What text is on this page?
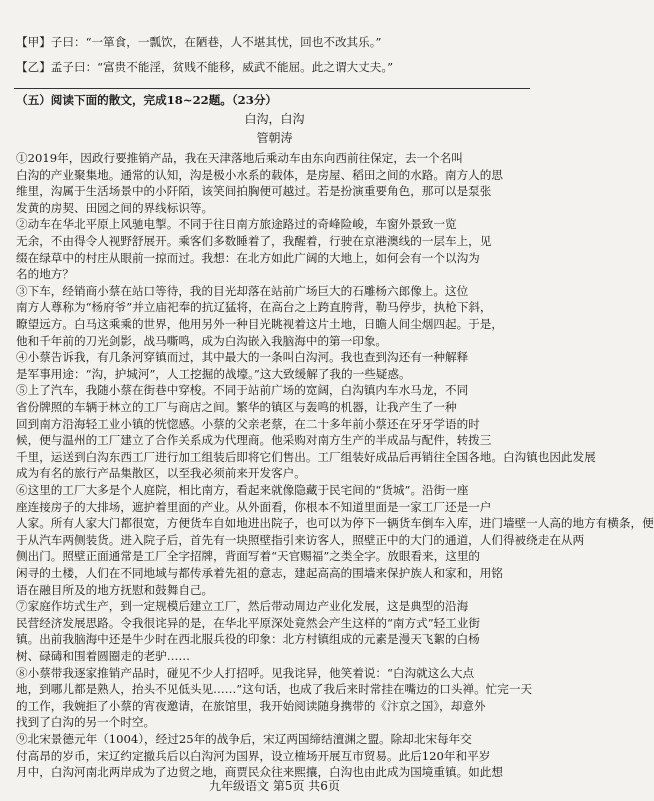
【甲】子曰：“一箪食，一瓢饮，在陋巷，人不堪其忧，回也不改其乐。”
【乙】孟子曰：“富贵不能淫，贫贱不能移，威武不能屈。此之谓大丈夫。”
（五）阅读下面的散文，完成18~22题。（23分）
白沟，白沟
管朝涛
①2019年，因政行要推销产品，我在天津落地后乘动车由东向西前往保定，去一个名叫
白沟的产业聚集地。通常的认知，沟是极小水系的载体，是房屋、稻田之间的水路。南方人的思
维里，沟属于生活场景中的小阡陌，该笑间拍胸便可越过。若是扮演重要角色，那可以是泵张
发黄的房契、田园之间的界线标识等。
②动车在华北平原上风驰电掣。不同于往日南方旅途路过的奇峰险峻，车窗外景致一览
无余，不由得令人视野舒展开。乘客们多数睡着了，我醒着，行驶在京港澳线的一层车上，见
缀在绿草中的村庄从眼前一掠而过。我想：在北方如此广阔的大地上，如何会有一个以沟为
名的地方？
③下车，经销商小蔡在站口等待，我的目光却落在站前广场巨大的石雕杨六郎像上。这位
南方人尊称为“杨府爷”并立庙祀奉的抗辽猛将，在高台之上跨直胯背，勒马停步，执枪下斜，
瞭望远方。白马这乘乘的世界，他用另外一种目光眺视着这片土地，日瞻人间尘烟四起。于是，
他和千年前的刀光剑影，战马嘶鸣，成为白沟嵌入我脑海中的第一印象。
④小蔡告诉我，有几条河穿镇而过，其中最大的一条叫白沟河。我也查到沟还有一种解释
是军事用途：“沟，护城河”，人工挖掘的战壕。”这大致缓解了我的一些疑惑。
⑤上了汽车，我随小蔡在街巷中穿梭。不同于站前广场的宽阔，白沟镇内车水马龙，不同
省份牌照的车辆于林立的工厂与商店之间。繁华的镇区与轰鸣的机器，让我产生了一种
回到南方沿海轻工业小镇的恍惚感。小蔡的父亲老蔡，在二十多年前小蔡还在牙牙学语的时
候，便与温州的工厂建立了合作关系成为代理商。他采购对南方生产的半成品与配件，转拨三
千里，运送到白沟东西工厂进行加工组装后即将它们售出。工厂组装好成品后再销往全国各地。白沟镇也因此发展
成为有名的旅行产品集散区，以至我必须前来开发客户。
⑥这里的工厂大多是个人庭院，相比南方，看起来就像隐藏于民宅间的“货城”。沿街一座
座连接房子的大排场，遮护着里面的产业。从外面看，你根本不知道里面是一家工厂还是一户
人家。所有人家大门都很宽，方便货车自如地进出院子，也可以为停下一辆货车倒车入库，进门墙壁一人高的地方有横条，便
于从汽车两侧装货。进入院子后，首先有一块照壁指引来访客人，照壁正中的大门的通道，人们得被绕走在从两
侧出门。照壁正面通常是工厂全字招牌，背面写着“天官赐福”之类全字。放眼看来，这里的
闲寻的土楼，人们在不同地域与都传承着先祖的意志，建起高高的围墙来保护族人和家和，用铭
语在融目所及的地方抚慰和鼓舞自己。
⑦家庭作坊式生产，到一定规模后建立工厂，然后带动周边产业化发展，这是典型的沿海
民营经济发展思路。令我很诧异的是，在华北平原深处竟然会产生这样的“南方式”轻工业街
镇。出前我脑海中还是牛少时在西北服兵役的印象：北方村镇组成的元素是漫天飞絮的白杨
树、碌碡和围着圆圈走的老驴……
⑧小蔡带我逐家推销产品时，碰见不少人打招呼。见我诧异，他笑着说：“白沟就这么大点
地，到哪儿都是熟人，抬头不见低头见……”这句话，也成了我后来时常挂在嘴边的口头禅。忙完一天
的工作，我婉拒了小蔡的宵夜邀请，在旅馆里，我开始阅读随身携带的《汴京之国》，却意外
找到了白沟的另一个时空。
⑨北宋景德元年（1004），经过25年的战争后，宋辽两国缔结澶渊之盟。除却北宋每年交
付高昂的岁币，宋辽约定撤兵后以白沟河为国界，设立榷场开展互市贸易。此后120年和平岁
月中，白沟河南北两岸成为了边贸之地，商贾民众往来熙攘，白沟也由此成为国境重镇。如此想
九年级语文 第5页 共6页
